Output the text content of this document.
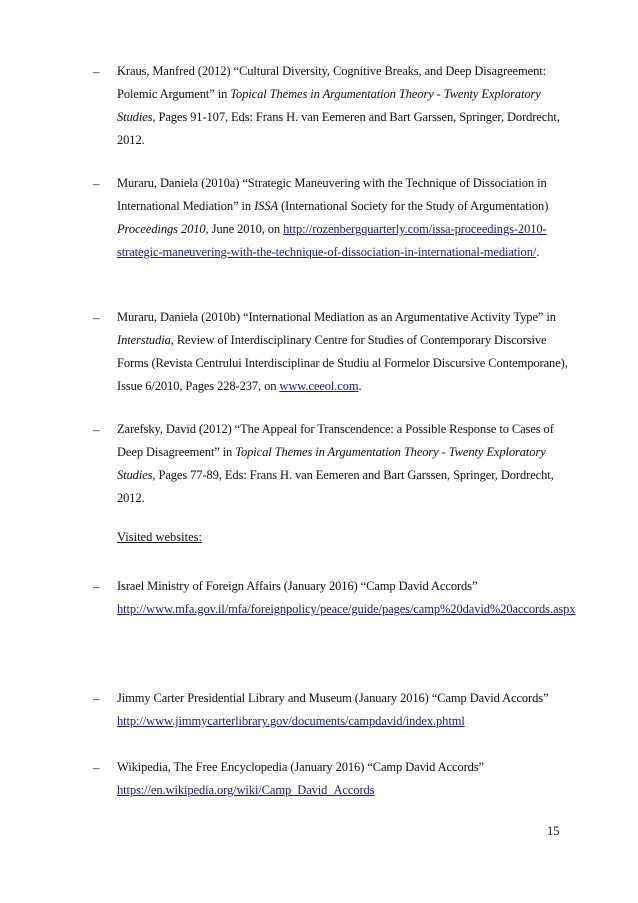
– Kraus, Manfred (2012) “Cultural Diversity, Cognitive Breaks, and Deep Disagreement: Polemic Argument” in Topical Themes in Argumentation Theory - Twenty Exploratory Studies, Pages 91-107, Eds: Frans H. van Eemeren and Bart Garssen, Springer, Dordrecht, 2012.
– Muraru, Daniela (2010a) “Strategic Maneuvering with the Technique of Dissociation in International Mediation” in ISSA (International Society for the Study of Argumentation) Proceedings 2010, June 2010, on http://rozenbergquarterly.com/issa-proceedings-2010-strategic-maneuvering-with-the-technique-of-dissociation-in-international-mediation/.
– Muraru, Daniela (2010b) “International Mediation as an Argumentative Activity Type” in Interstudia, Review of Interdisciplinary Centre for Studies of Contemporary Discorsive Forms (Revista Centrului Interdisciplinar de Studiu al Formelor Discursive Contemporane), Issue 6/2010, Pages 228-237, on www.ceeol.com.
– Zarefsky, David (2012) “The Appeal for Transcendence: a Possible Response to Cases of Deep Disagreement” in Topical Themes in Argumentation Theory - Twenty Exploratory Studies, Pages 77-89, Eds: Frans H. van Eemeren and Bart Garssen, Springer, Dordrecht, 2012.
Visited websites:
– Israel Ministry of Foreign Affairs (January 2016) “Camp David Accords” http://www.mfa.gov.il/mfa/foreignpolicy/peace/guide/pages/camp%20david%20accords.aspx
– Jimmy Carter Presidential Library and Museum (January 2016) “Camp David Accords” http://www.jimmycarterlibrary.gov/documents/campdavid/index.phtml
– Wikipedia, The Free Encyclopedia (January 2016) “Camp David Accords” https://en.wikipedia.org/wiki/Camp_David_Accords
15
